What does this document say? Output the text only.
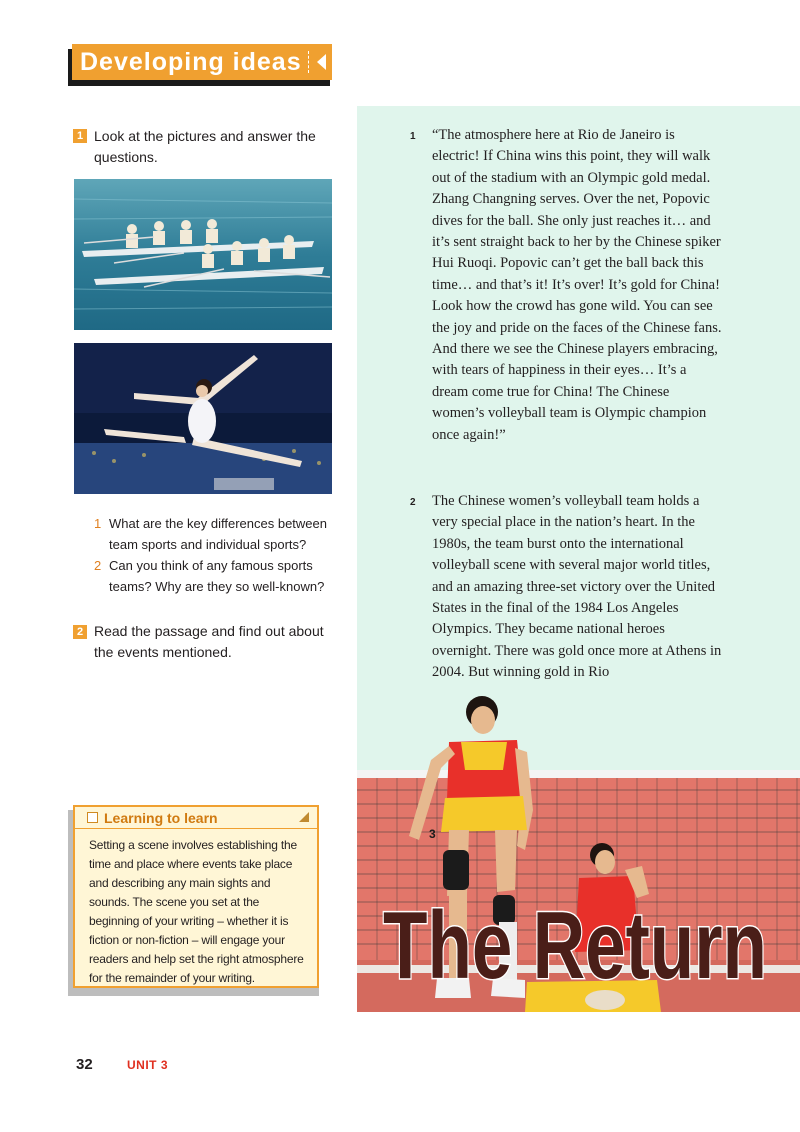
Developing ideas
1 Look at the pictures and answer the questions.
1 What are the key differences between team sports and individual sports?
2 Can you think of any famous sports teams? Why are they so well-known?
2 Read the passage and find out about the events mentioned.
Learning to learn
Setting a scene involves establishing the time and place where events take place and describing any main sights and sounds. The scene you set at the beginning of your writing – whether it is fiction or non-fiction – will engage your readers and help set the right atmosphere for the remainder of your writing.
1 “The atmosphere here at Rio de Janeiro is electric! If China wins this point, they will walk out of the stadium with an Olympic gold medal. Zhang Changning serves. Over the net, Popovic dives for the ball. She only just reaches it… and it’s sent straight back to her by the Chinese spiker Hui Ruoqi. Popovic can’t get the ball back this time… and that’s it! It’s over! It’s gold for China! Look how the crowd has gone wild. You can see the joy and pride on the faces of the Chinese fans. And there we see the Chinese players embracing, with tears of happiness in their eyes… It’s a dream come true for China! The Chinese women’s volleyball team is Olympic champion once again!”

2 The Chinese women’s volleyball team holds a very special place in the nation’s heart. In the 1980s, the team burst onto the international volleyball scene with several major world titles, and an amazing three-set victory over the United States in the final of the 1984 Los Angeles Olympics. They became national heroes overnight. There was gold once more at Athens in 2004. But winning gold in Rio

3
The Return
32	UNIT 3
